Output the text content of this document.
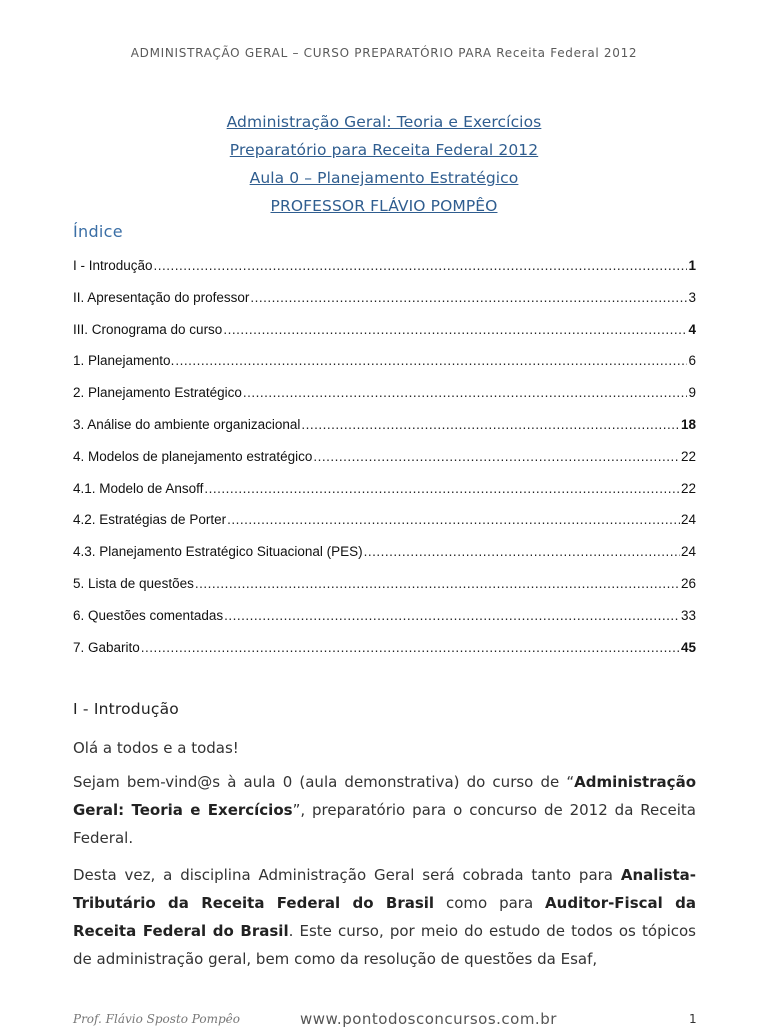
ADMINISTRAÇÃO GERAL – CURSO PREPARATÓRIO PARA Receita Federal 2012
Administração Geral: Teoria e Exercícios
Preparatório para Receita Federal 2012
Aula 0 – Planejamento Estratégico
PROFESSOR FLÁVIO POMPÊO
Índice
I - Introdução .....	1
II. Apresentação do professor .....	3
III. Cronograma do curso .....	4
1. Planejamento. .....	6
2. Planejamento Estratégico .....	9
3. Análise do ambiente organizacional .....	18
4. Modelos de planejamento estratégico .....	22
4.1. Modelo de Ansoff .....	22
4.2. Estratégias de Porter .....	24
4.3. Planejamento Estratégico Situacional (PES) .....	24
5. Lista de questões .....	26
6. Questões comentadas .....	33
7. Gabarito .....	45
I - Introdução

Olá a todos e a todas!

Sejam bem-vind@s à aula 0 (aula demonstrativa) do curso de “Administração Geral: Teoria e Exercícios”, preparatório para o concurso de 2012 da Receita Federal.

Desta vez, a disciplina Administração Geral será cobrada tanto para Analista-Tributário da Receita Federal do Brasil como para Auditor-Fiscal da Receita Federal do Brasil. Este curso, por meio do estudo de todos os tópicos de administração geral, bem como da resolução de questões da Esaf,

Prof. Flávio Sposto Pompêo	www.pontodosconcursos.com.br	1
